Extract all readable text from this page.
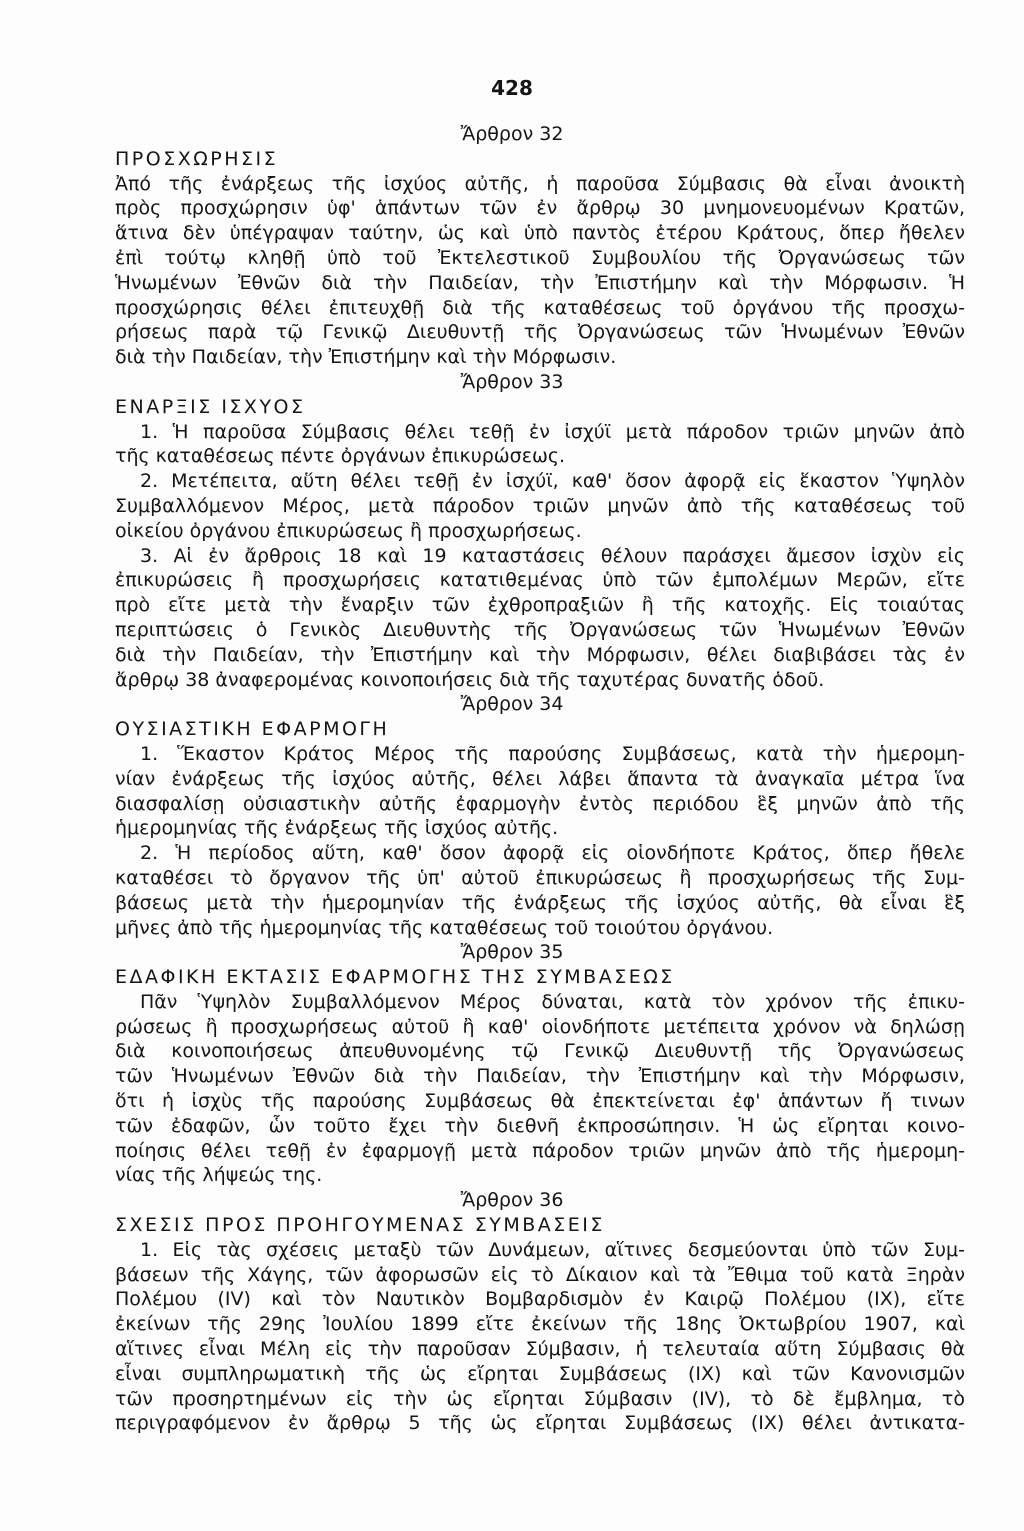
428
Ἄρθρον 32
ΠΡΟΣΧΩΡΗΣΙΣ
Ἀπό τῆς ἐνάρξεως τῆς ἰσχύος αὐτῆς, ἡ παροῦσα Σύμβασις θὰ εἶναι ἀνοικτὴ
πρὸς προσχώρησιν ὑφ' ἁπάντων τῶν ἐν ἄρθρῳ 30 μνημονευομένων Κρατῶν,
ἅτινα δὲν ὑπέγραψαν ταύτην, ὡς καὶ ὑπὸ παντὸς ἑτέρου Κράτους, ὅπερ ἤθελεν
ἐπὶ τούτῳ κληθῇ ὑπὸ τοῦ Ἐκτελεστικοῦ Συμβουλίου τῆς Ὀργανώσεως τῶν
Ἡνωμένων Ἐθνῶν διὰ τὴν Παιδείαν, τὴν Ἐπιστήμην καὶ τὴν Μόρφωσιν. Ἡ
προσχώρησις θέλει ἐπιτευχθῇ διὰ τῆς καταθέσεως τοῦ ὀργάνου τῆς προσχω-
ρήσεως παρὰ τῷ Γενικῷ Διευθυντῇ τῆς Ὀργανώσεως τῶν Ἡνωμένων Ἐθνῶν
διὰ τὴν Παιδείαν, τὴν Ἐπιστήμην καὶ τὴν Μόρφωσιν.
Ἄρθρον 33
ΕΝΑΡΞΙΣ ΙΣΧΥΟΣ
1. Ἡ παροῦσα Σύμβασις θέλει τεθῇ ἐν ἰσχύϊ μετὰ πάροδον τριῶν μηνῶν ἀπὸ
τῆς καταθέσεως πέντε ὀργάνων ἐπικυρώσεως.
2. Μετέπειτα, αὕτη θέλει τεθῇ ἐν ἰσχύϊ, καθ' ὅσον ἀφορᾷ εἰς ἕκαστον Ὑψηλὸν
Συμβαλλόμενον Μέρος, μετὰ πάροδον τριῶν μηνῶν ἀπὸ τῆς καταθέσεως τοῦ
οἰκείου ὀργάνου ἐπικυρώσεως ἢ προσχωρήσεως.
3. Αἱ ἐν ἄρθροις 18 καὶ 19 καταστάσεις θέλουν παράσχει ἄμεσον ἰσχὺν εἰς
ἐπικυρώσεις ἢ προσχωρήσεις κατατιθεμένας ὑπὸ τῶν ἐμπολέμων Μερῶν, εἴτε
πρὸ εἴτε μετὰ τὴν ἔναρξιν τῶν ἐχθροπραξιῶν ἢ τῆς κατοχῆς. Εἰς τοιαύτας
περιπτώσεις ὁ Γενικὸς Διευθυντὴς τῆς Ὀργανώσεως τῶν Ἡνωμένων Ἐθνῶν
διὰ τὴν Παιδείαν, τὴν Ἐπιστήμην καὶ τὴν Μόρφωσιν, θέλει διαβιβάσει τὰς ἐν
ἄρθρῳ 38 ἀναφερομένας κοινοποιήσεις διὰ τῆς ταχυτέρας δυνατῆς ὁδοῦ.
Ἄρθρον 34
ΟΥΣΙΑΣΤΙΚΗ ΕΦΑΡΜΟΓΗ
1. Ἕκαστον Κράτος Μέρος τῆς παρούσης Συμβάσεως, κατὰ τὴν ἡμερομη-
νίαν ἐνάρξεως τῆς ἰσχύος αὐτῆς, θέλει λάβει ἅπαντα τὰ ἀναγκαῖα μέτρα ἵνα
διασφαλίσῃ οὐσιαστικὴν αὐτῆς ἐφαρμογὴν ἐντὸς περιόδου ἓξ μηνῶν ἀπὸ τῆς
ἡμερομηνίας τῆς ἐνάρξεως τῆς ἰσχύος αὐτῆς.
2. Ἡ περίοδος αὕτη, καθ' ὅσον ἀφορᾷ εἰς οἱονδήποτε Κράτος, ὅπερ ἤθελε
καταθέσει τὸ ὄργανον τῆς ὑπ' αὐτοῦ ἐπικυρώσεως ἢ προσχωρήσεως τῆς Συμ-
βάσεως μετὰ τὴν ἡμερομηνίαν τῆς ἐνάρξεως τῆς ἰσχύος αὐτῆς, θὰ εἶναι ἓξ
μῆνες ἀπὸ τῆς ἡμερομηνίας τῆς καταθέσεως τοῦ τοιούτου ὀργάνου.
Ἄρθρον 35
ΕΔΑΦΙΚΗ ΕΚΤΑΣΙΣ ΕΦΑΡΜΟΓΗΣ ΤΗΣ ΣΥΜΒΑΣΕΩΣ
Πᾶν Ὑψηλὸν Συμβαλλόμενον Μέρος δύναται, κατὰ τὸν χρόνον τῆς ἐπικυ-
ρώσεως ἢ προσχωρήσεως αὐτοῦ ἢ καθ' οἱονδήποτε μετέπειτα χρόνον νὰ δηλώσῃ
διὰ κοινοποιήσεως ἀπευθυνομένης τῷ Γενικῷ Διευθυντῇ τῆς Ὀργανώσεως
τῶν Ἡνωμένων Ἐθνῶν διὰ τὴν Παιδείαν, τὴν Ἐπιστήμην καὶ τὴν Μόρφωσιν,
ὅτι ἡ ἰσχὺς τῆς παρούσης Συμβάσεως θὰ ἐπεκτείνεται ἐφ' ἁπάντων ἤ τινων
τῶν ἐδαφῶν, ὧν τοῦτο ἔχει τὴν διεθνῆ ἐκπροσώπησιν. Ἡ ὡς εἴρηται κοινο-
ποίησις θέλει τεθῇ ἐν ἐφαρμογῇ μετὰ πάροδον τριῶν μηνῶν ἀπὸ τῆς ἡμερομη-
νίας τῆς λήψεώς της.
Ἄρθρον 36
ΣΧΕΣΙΣ ΠΡΟΣ ΠΡΟΗΓΟΥΜΕΝΑΣ ΣΥΜΒΑΣΕΙΣ
1. Εἰς τὰς σχέσεις μεταξὺ τῶν Δυνάμεων, αἵτινες δεσμεύονται ὑπὸ τῶν Συμ-
βάσεων τῆς Χάγης, τῶν ἀφορωσῶν εἰς τὸ Δίκαιον καὶ τὰ Ἔθιμα τοῦ κατὰ Ξηρὰν
Πολέμου (IV) καὶ τὸν Ναυτικὸν Βομβαρδισμὸν ἐν Καιρῷ Πολέμου (IX), εἴτε
ἐκείνων τῆς 29ης Ἰουλίου 1899 εἴτε ἐκείνων τῆς 18ης Ὀκτωβρίου 1907, καὶ
αἵτινες εἶναι Μέλη εἰς τὴν παροῦσαν Σύμβασιν, ἡ τελευταία αὕτη Σύμβασις θὰ
εἶναι συμπληρωματικὴ τῆς ὡς εἴρηται Συμβάσεως (IX) καὶ τῶν Κανονισμῶν
τῶν προσηρτημένων εἰς τὴν ὡς εἴρηται Σύμβασιν (IV), τὸ δὲ ἔμβλημα, τὸ
περιγραφόμενον ἐν ἄρθρῳ 5 τῆς ὡς εἴρηται Συμβάσεως (IX) θέλει ἀντικατα-
